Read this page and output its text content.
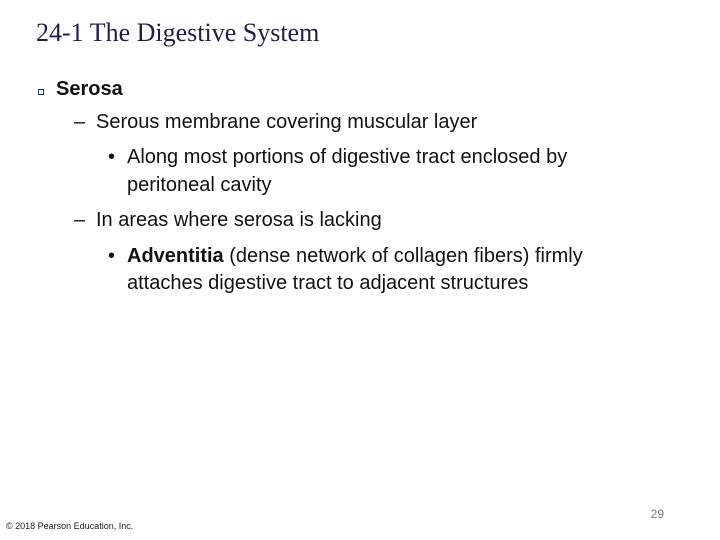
24-1 The Digestive System
Serosa
– Serous membrane covering muscular layer
• Along most portions of digestive tract enclosed by
peritoneal cavity
– In areas where serosa is lacking
• Adventitia (dense network of collagen fibers) firmly
attaches digestive tract to adjacent structures
29
© 2018 Pearson Education, Inc.
